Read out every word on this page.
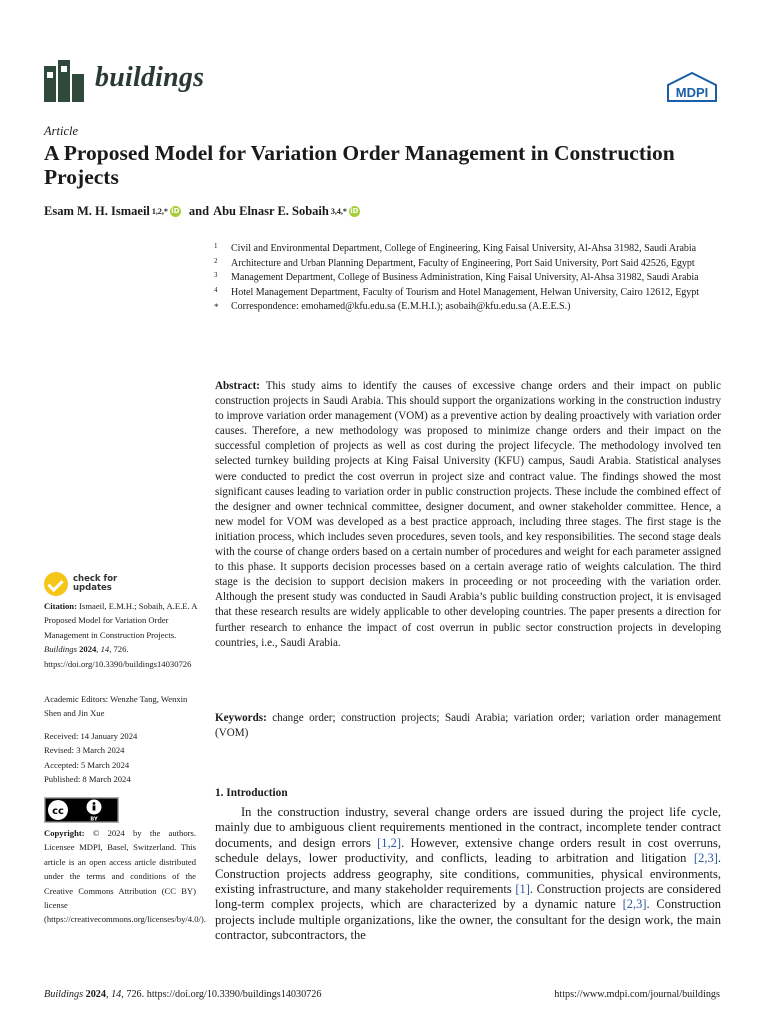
buildings	MDPI
Article
A Proposed Model for Variation Order Management in Construction Projects
Esam M. H. Ismaeil 1,2,* iD and Abu Elnasr E. Sobaih 3,4,* iD
1 Civil and Environmental Department, College of Engineering, King Faisal University, Al-Ahsa 31982, Saudi Arabia
2 Architecture and Urban Planning Department, Faculty of Engineering, Port Said University, Port Said 42526, Egypt
3 Management Department, College of Business Administration, King Faisal University, Al-Ahsa 31982, Saudi Arabia
4 Hotel Management Department, Faculty of Tourism and Hotel Management, Helwan University, Cairo 12612, Egypt
* Correspondence: emohamed@kfu.edu.sa (E.M.H.I.); asobaih@kfu.edu.sa (A.E.E.S.)
Abstract: This study aims to identify the causes of excessive change orders and their impact on public construction projects in Saudi Arabia. This should support the organizations working in the construction industry to improve variation order management (VOM) as a preventive action by dealing proactively with variation order causes. Therefore, a new methodology was proposed to minimize change orders and their impact on the successful completion of projects as well as cost during the project lifecycle. The methodology involved ten selected turnkey building projects at King Faisal University (KFU) campus, Saudi Arabia. Statistical analyses were conducted to predict the cost overrun in project size and contract value. The findings showed the most significant causes leading to variation order in public construction projects. These include the combined effect of the designer and owner technical committee, designer document, and owner stakeholder committee. Hence, a new model for VOM was developed as a best practice approach, including three stages. The first stage is the initiation process, which includes seven procedures, seven tools, and key responsibilities. The second stage deals with the course of change orders based on a certain number of procedures and weight for each parameter assigned to this phase. It supports decision processes based on a certain average ratio of weights calculation. The third stage is the decision to support decision makers in proceeding or not proceeding with the variation order. Although the present study was conducted in Saudi Arabia’s public building construction project, it is envisaged that these research results are widely applicable to other developing countries. The paper presents a direction for further research to enhance the impact of cost overrun in public sector construction projects in developing countries, i.e., Saudi Arabia.
Keywords: change order; construction projects; Saudi Arabia; variation order; variation order management (VOM)
check for
updates
Citation: Ismaeil, E.M.H.; Sobaih, A.E.E. A Proposed Model for Variation Order Management in Construction Projects. Buildings 2024, 14, 726. https://doi.org/10.3390/buildings14030726
Academic Editors: Wenzhe Tang, Wenxin Shen and Jin Xue
Received: 14 January 2024
Revised: 3 March 2024
Accepted: 5 March 2024
Published: 8 March 2024
cc
BY
Copyright: © 2024 by the authors. Licensee MDPI, Basel, Switzerland. This article is an open access article distributed under the terms and conditions of the Creative Commons Attribution (CC BY) license (https://creativecommons.org/licenses/by/4.0/).
1. Introduction
In the construction industry, several change orders are issued during the project life cycle, mainly due to ambiguous client requirements mentioned in the contract, incomplete tender contract documents, and design errors [1,2]. However, extensive change orders result in cost overruns, schedule delays, lower productivity, and conflicts, leading to arbitration and litigation [2,3]. Construction projects address geography, site conditions, communities, physical environments, existing infrastructure, and many stakeholder requirements [1]. Construction projects are considered long-term complex projects, which are characterized by a dynamic nature [2,3]. Construction projects include multiple organizations, like the owner, the consultant for the design work, the main contractor, subcontractors, the
Buildings 2024, 14, 726. https://doi.org/10.3390/buildings14030726	https://www.mdpi.com/journal/buildings
